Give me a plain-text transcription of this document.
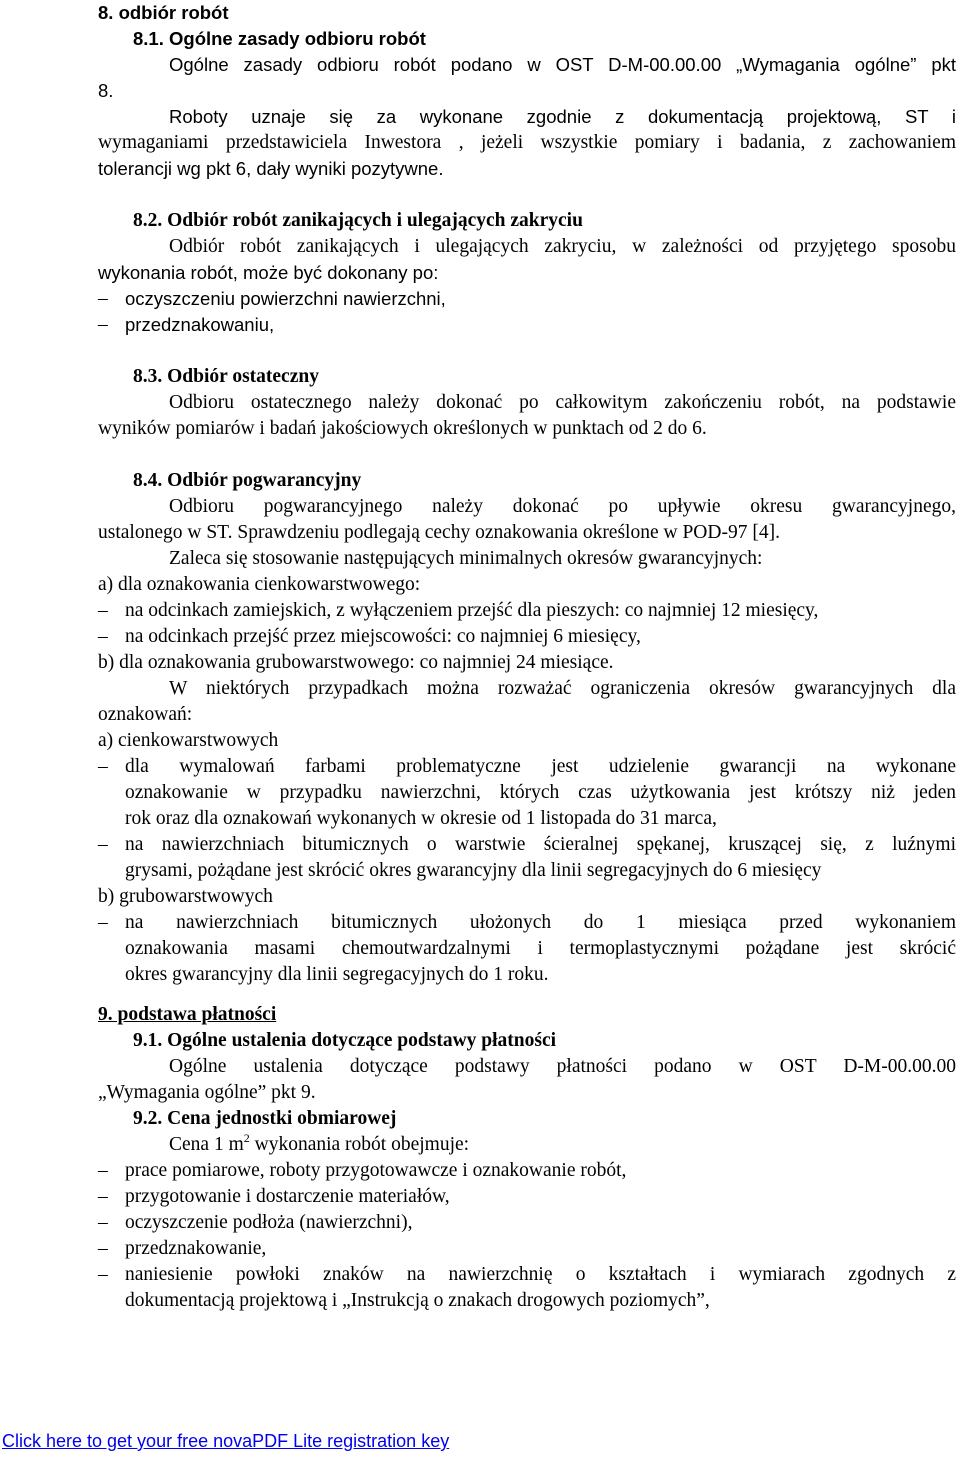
8. odbiór robót
8.1. Ogólne zasady odbioru robót
Ogólne zasady odbioru robót podano w OST D-M-00.00.00 „Wymagania ogólne” pkt
8.
Roboty uznaje się za wykonane zgodnie z dokumentacją projektową, ST i
wymaganiami przedstawiciela Inwestora , jeżeli wszystkie pomiary i badania, z zachowaniem
tolerancji wg pkt 6, dały wyniki pozytywne.
8.2. Odbiór robót zanikających i ulegających zakryciu
Odbiór robót zanikających i ulegających zakryciu, w zależności od przyjętego sposobu
wykonania robót, może być dokonany po:
– oczyszczeniu powierzchni nawierzchni,
– przedznakowaniu,
8.3. Odbiór ostateczny
Odbioru ostatecznego należy dokonać po całkowitym zakończeniu robót, na podstawie
wyników pomiarów i badań jakościowych określonych w punktach od 2 do 6.
8.4. Odbiór pogwarancyjny
Odbioru pogwarancyjnego należy dokonać po upływie okresu gwarancyjnego,
ustalonego w ST. Sprawdzeniu podlegają cechy oznakowania określone w POD-97 [4].
Zaleca się stosowanie następujących minimalnych okresów gwarancyjnych:
a) dla oznakowania cienkowarstwowego:
– na odcinkach zamiejskich, z wyłączeniem przejść dla pieszych: co najmniej 12 miesięcy,
– na odcinkach przejść przez miejscowości: co najmniej 6 miesięcy,
b) dla oznakowania grubowarstwowego: co najmniej 24 miesiące.
W niektórych przypadkach można rozważać ograniczenia okresów gwarancyjnych dla
oznakowań:
a) cienkowarstwowych
– dla wymalowań farbami problematyczne jest udzielenie gwarancji na wykonane
oznakowanie w przypadku nawierzchni, których czas użytkowania jest krótszy niż jeden
rok oraz dla oznakowań wykonanych w okresie od 1 listopada do 31 marca,
– na nawierzchniach bitumicznych o warstwie ścieralnej spękanej, kruszącej się, z luźnymi
grysami, pożądane jest skrócić okres gwarancyjny dla linii segregacyjnych do 6 miesięcy
b) grubowarstwowych
– na nawierzchniach bitumicznych ułożonych do 1 miesiąca przed wykonaniem
oznakowania masami chemoutwardzalnymi i termoplastycznymi pożądane jest skrócić
okres gwarancyjny dla linii segregacyjnych do 1 roku.
9. podstawa płatności
9.1. Ogólne ustalenia dotyczące podstawy płatności
Ogólne ustalenia dotyczące podstawy płatności podano w OST D-M-00.00.00
„Wymagania ogólne” pkt 9.
9.2. Cena jednostki obmiarowej
Cena 1 $m^2$ wykonania robót obejmuje:
– prace pomiarowe, roboty przygotowawcze i oznakowanie robót,
– przygotowanie i dostarczenie materiałów,
– oczyszczenie podłoża (nawierzchni),
– przedznakowanie,
– naniesienie powłoki znaków na nawierzchnię o kształtach i wymiarach zgodnych z
dokumentacją projektową i „Instrukcją o znakach drogowych poziomych”,
Click here to get your free novaPDF Lite registration key
